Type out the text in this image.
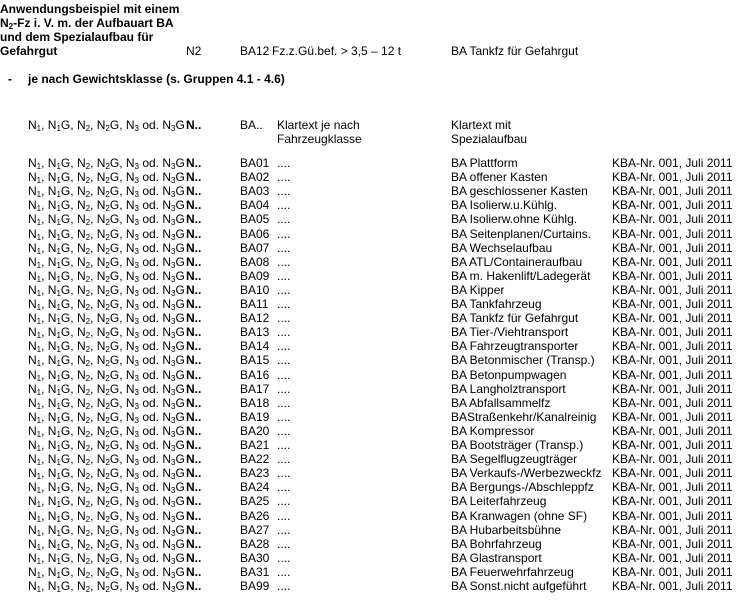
Anwendungsbeispiel mit einem
$N_2-Fz$ i. V. m. der Aufbauart BA
und dem Spezialaufbau für
Gefahrgut	N2	BA12 Fz.z.Gü.bef. > 3,5 – 12 t	BA Tankfz für Gefahrgut
- je nach Gewichtsklasse (s. Gruppen 4.1 - 4.6)
$N_1$, $N_1G$, $N_2$, $N_2G$, $N_3$ od. $N_3G$ N..	BA.. Klartext je nach
Fahrzeugklasse
Klartext mit
Spezialaufbau
$N_1$, $N_1G$, $N_2$, $N_2G$, $N_3$ od. $N_3G$ N..	BA01 ....	BA Plattform	KBA-Nr. 001, Juli 2011
$N_1$, $N_1G$, $N_2$, $N_2G$, $N_3$ od. $N_3G$ N..	BA02 ....	BA offener Kasten	KBA-Nr. 001, Juli 2011
$N_1$, $N_1G$, $N_2$, $N_2G$, $N_3$ od. $N_3G$ N..	BA03 ....	BA geschlossener Kasten KBA-Nr. 001, Juli 2011
$N_1$, $N_1G$, $N_2$, $N_2G$, $N_3$ od. $N_3G$ N..	BA04 ....	BA Isolierw.u.Kühlg.	KBA-Nr. 001, Juli 2011
$N_1$, $N_1G$, $N_2$, $N_2G$, $N_3$ od. $N_3G$ N..	BA05 ....	BA Isolierw.ohne Kühlg.	KBA-Nr. 001, Juli 2011
$N_1$, $N_1G$, $N_2$, $N_2G$, $N_3$ od. $N_3G$ N..	BA06 ....	BA Seitenplanen/Curtains. KBA-Nr. 001, Juli 2011
$N_1$, $N_1G$, $N_2$, $N_2G$, $N_3$ od. $N_3G$ N..	BA07 ....	BA Wechselaufbau	KBA-Nr. 001, Juli 2011
$N_1$, $N_1G$, $N_2$, $N_2G$, $N_3$ od. $N_3G$ N..	BA08 ....	BA ATL/Containeraufbau KBA-Nr. 001, Juli 2011
$N_1$, $N_1G$, $N_2$, $N_2G$, $N_3$ od. $N_3G$ N..	BA09 ....	BA m. Hakenlift/Ladegerät KBA-Nr. 001, Juli 2011
$N_1$, $N_1G$, $N_2$, $N_2G$, $N_3$ od. $N_3G$ N..	BA10 ....	BA Kipper	KBA-Nr. 001, Juli 2011
$N_1$, $N_1G$, $N_2$, $N_2G$, $N_3$ od. $N_3G$ N..	BA11 ....	BA Tankfahrzeug	KBA-Nr. 001, Juli 2011
$N_1$, $N_1G$, $N_2$, $N_2G$, $N_3$ od. $N_3G$ N..	BA12 ....	BA Tankfz für Gefahrgut	KBA-Nr. 001, Juli 2011
$N_1$, $N_1G$, $N_2$, $N_2G$, $N_3$ od. $N_3G$ N..	BA13 ....	BA Tier-/Viehtransport	KBA-Nr. 001, Juli 2011
$N_1$, $N_1G$, $N_2$, $N_2G$, $N_3$ od. $N_3G$ N..	BA14 ....	BA Fahrzeugtransporter	KBA-Nr. 001, Juli 2011
$N_1$, $N_1G$, $N_2$, $N_2G$, $N_3$ od. $N_3G$ N..	BA15 ....	BA Betonmischer (Transp.) KBA-Nr. 001, Juli 2011
$N_1$, $N_1G$, $N_2$, $N_2G$, $N_3$ od. $N_3G$ N..	BA16 ....	BA Betonpumpwagen	KBA-Nr. 001, Juli 2011
$N_1$, $N_1G$, $N_2$, $N_2G$, $N_3$ od. $N_3G$ N..	BA17 ....	BA Langholztransport	KBA-Nr. 001, Juli 2011
$N_1$, $N_1G$, $N_2$, $N_2G$, $N_3$ od. $N_3G$ N..	BA18 ....	BA Abfallsammelfz	KBA-Nr. 001, Juli 2011
$N_1$, $N_1G$, $N_2$, $N_2G$, $N_3$ od. $N_3G$ N..	BA19 ....	BAStraßenkehr/Kanalreinig KBA-Nr. 001, Juli 2011
$N_1$, $N_1G$, $N_2$, $N_2G$, $N_3$ od. $N_3G$ N..	BA20 ....	BA Kompressor	KBA-Nr. 001, Juli 2011
$N_1$, $N_1G$, $N_2$, $N_2G$, $N_3$ od. $N_3G$ N..	BA21 ....	BA Bootsträger (Transp.) KBA-Nr. 001, Juli 2011
$N_1$, $N_1G$, $N_2$, $N_2G$, $N_3$ od. $N_3G$ N..	BA22 ....	BA Segelflugzeugträger	KBA-Nr. 001, Juli 2011
$N_1$, $N_1G$, $N_2$, $N_2G$, $N_3$ od. $N_3G$ N..	BA23 ....	BA Verkaufs-/Werbezweckfz KBA-Nr. 001, Juli 2011
$N_1$, $N_1G$, $N_2$, $N_2G$, $N_3$ od. $N_3G$ N..	BA24 ....	BA Bergungs-/Abschleppfz KBA-Nr. 001, Juli 2011
$N_1$, $N_1G$, $N_2$, $N_2G$, $N_3$ od. $N_3G$ N..	BA25 ....	BA Leiterfahrzeug	KBA-Nr. 001, Juli 2011
$N_1$, $N_1G$, $N_2$, $N_2G$, $N_3$ od. $N_3G$ N..	BA26 ....	BA Kranwagen (ohne SF) KBA-Nr. 001, Juli 2011
$N_1$, $N_1G$, $N_2$, $N_2G$, $N_3$ od. $N_3G$ N..	BA27 ....	BA Hubarbeitsbühne	KBA-Nr. 001, Juli 2011
$N_1$, $N_1G$, $N_2$, $N_2G$, $N_3$ od. $N_3G$ N..	BA28 ....	BA Bohrfahrzeug	KBA-Nr. 001, Juli 2011
$N_1$, $N_1G$, $N_2$, $N_2G$, $N_3$ od. $N_3G$ N..	BA30 ....	BA Glastransport	KBA-Nr. 001, Juli 2011
$N_1$, $N_1G$, $N_2$, $N_2G$, $N_3$ od. $N_3G$ N..	BA31 ....	BA Feuerwehrfahrzeug	KBA-Nr. 001, Juli 2011
$N_1$, $N_1G$, $N_2$, $N_2G$, $N_3$ od. $N_3G$ N..	BA99 ....	BA Sonst.nicht aufgeführt KBA-Nr. 001, Juli 2011
